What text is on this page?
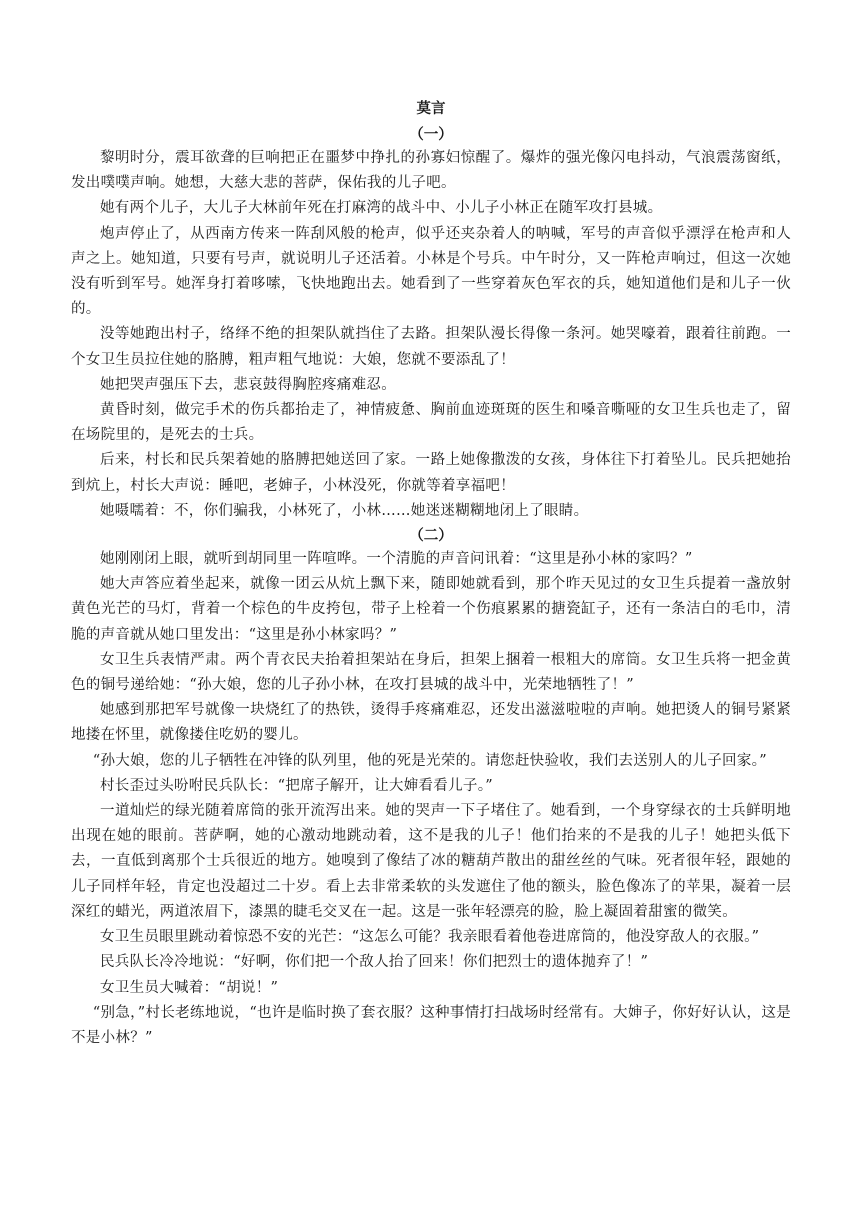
莫言
（一）

黎明时分，震耳欲聋的巨响把正在噩梦中挣扎的孙寡妇惊醒了。爆炸的强光像闪电抖动，气浪震荡窗纸，发出噗噗声响。她想，大慈大悲的菩萨，保佑我的儿子吧。

她有两个儿子，大儿子大林前年死在打麻湾的战斗中、小儿子小林正在随军攻打县城。

炮声停止了，从西南方传来一阵刮风般的枪声，似乎还夹杂着人的呐喊，军号的声音似乎漂浮在枪声和人声之上。她知道，只要有号声，就说明儿子还活着。小林是个号兵。中午时分，又一阵枪声响过，但这一次她没有听到军号。她浑身打着哆嗦，飞快地跑出去。她看到了一些穿着灰色军衣的兵，她知道他们是和儿子一伙的。

没等她跑出村子，络绎不绝的担架队就挡住了去路。担架队漫长得像一条河。她哭嚎着，跟着往前跑。一个女卫生员拉住她的胳膊，粗声粗气地说：大娘，您就不要添乱了！

她把哭声强压下去，悲哀鼓得胸腔疼痛难忍。

黄昏时刻，做完手术的伤兵都抬走了，神情疲惫、胸前血迹斑斑的医生和嗓音嘶哑的女卫生兵也走了，留在场院里的，是死去的士兵。

后来，村长和民兵架着她的胳膊把她送回了家。一路上她像撒泼的女孩，身体往下打着坠儿。民兵把她抬到炕上，村长大声说：睡吧，老婶子，小林没死，你就等着享福吧！

她嗫嚅着：不，你们骗我，小林死了，小林……她迷迷糊糊地闭上了眼睛。

（二）

她刚刚闭上眼，就听到胡同里一阵喧哗。一个清脆的声音问讯着：“这里是孙小林的家吗？”

她大声答应着坐起来，就像一团云从炕上飘下来，随即她就看到，那个昨天见过的女卫生兵提着一盏放射黄色光芒的马灯，背着一个棕色的牛皮挎包，带子上栓着一个伤痕累累的搪瓷缸子，还有一条洁白的毛巾，清脆的声音就从她口里发出：“这里是孙小林家吗？”

女卫生兵表情严肃。两个青衣民夫抬着担架站在身后，担架上捆着一根粗大的席筒。女卫生兵将一把金黄色的铜号递给她：“孙大娘，您的儿子孙小林，在攻打县城的战斗中，光荣地牺牲了！”

她感到那把军号就像一块烧红了的热铁，烫得手疼痛难忍，还发出滋滋啦啦的声响。她把烫人的铜号紧紧地搂在怀里，就像搂住吃奶的婴儿。

“孙大娘，您的儿子牺牲在冲锋的队列里，他的死是光荣的。请您赶快验收，我们去送别人的儿子回家。”

村长歪过头吩咐民兵队长：“把席子解开，让大婶看看儿子。”

一道灿烂的绿光随着席筒的张开流泻出来。她的哭声一下子堵住了。她看到，一个身穿绿衣的士兵鲜明地出现在她的眼前。菩萨啊，她的心激动地跳动着，这不是我的儿子！他们抬来的不是我的儿子！她把头低下去，一直低到离那个士兵很近的地方。她嗅到了像结了冰的糖葫芦散出的甜丝丝的气味。死者很年轻，跟她的儿子同样年轻，肯定也没超过二十岁。看上去非常柔软的头发遮住了他的额头，脸色像冻了的苹果，凝着一层深红的蜡光，两道浓眉下，漆黑的睫毛交叉在一起。这是一张年轻漂亮的脸，脸上凝固着甜蜜的微笑。

女卫生员眼里跳动着惊恐不安的光芒：“这怎么可能？我亲眼看着他卷进席筒的，他没穿敌人的衣服。”

民兵队长冷冷地说：“好啊，你们把一个敌人抬了回来！你们把烈士的遗体抛弃了！”

女卫生员大喊着：“胡说！”

“别急，”村长老练地说，“也许是临时换了套衣服？这种事情打扫战场时经常有。大婶子，你好好认认，这是不是小林？”
